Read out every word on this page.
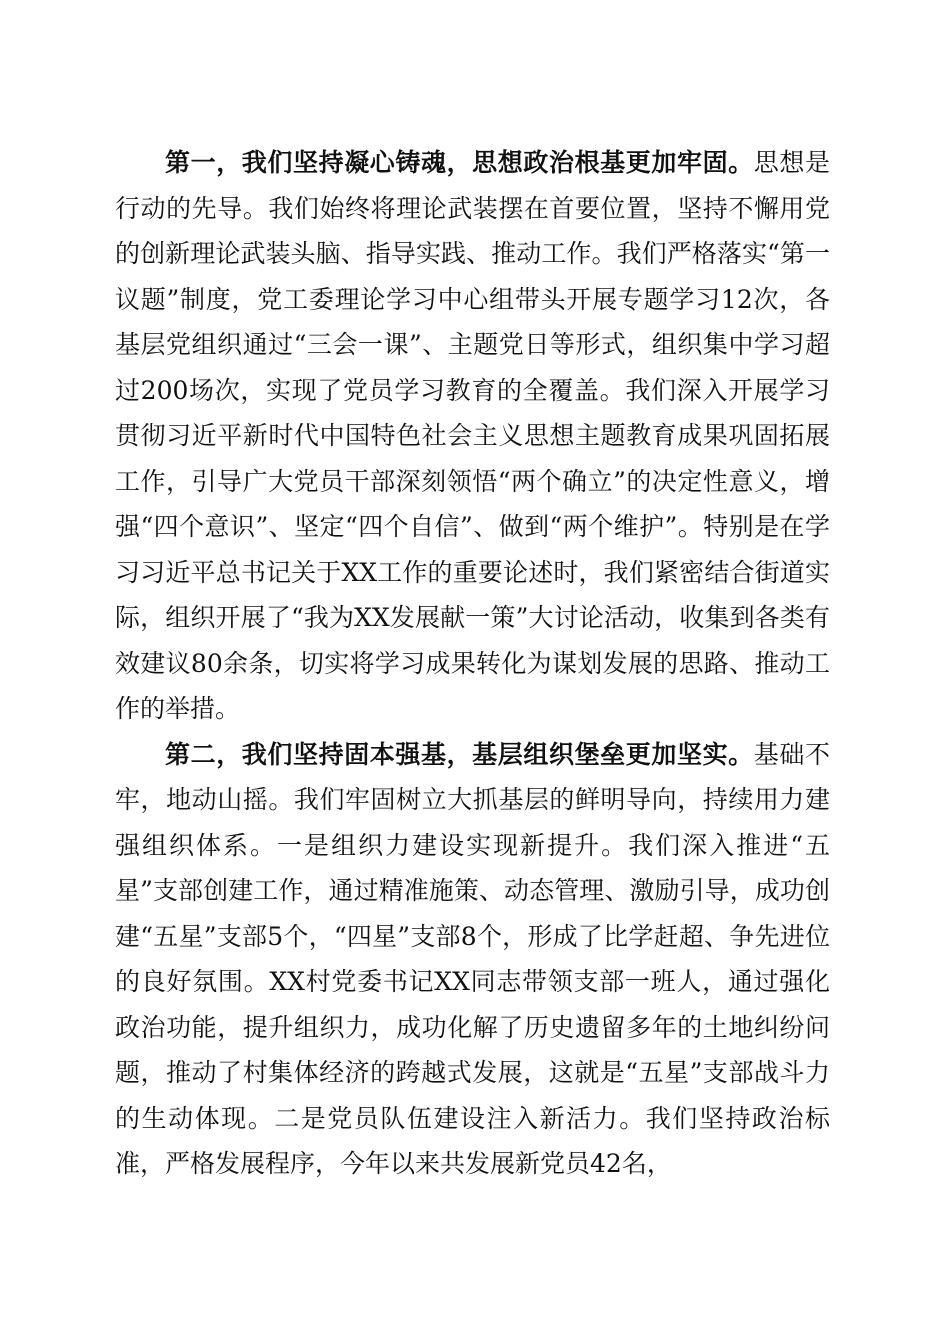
第一，我们坚持凝心铸魂，思想政治根基更加牢固。思想是行动的先导。我们始终将理论武装摆在首要位置，坚持不懈用党的创新理论武装头脑、指导实践、推动工作。我们严格落实“第一议题”制度，党工委理论学习中心组带头开展专题学习12次，各基层党组织通过“三会一课”、主题党日等形式，组织集中学习超过200场次，实现了党员学习教育的全覆盖。我们深入开展学习贯彻习近平新时代中国特色社会主义思想主题教育成果巩固拓展工作，引导广大党员干部深刻领悟“两个确立”的决定性意义，增强“四个意识”、坚定“四个自信”、做到“两个维护”。特别是在学习习近平总书记关于XX工作的重要论述时，我们紧密结合街道实际，组织开展了“我为XX发展献一策”大讨论活动，收集到各类有效建议80余条，切实将学习成果转化为谋划发展的思路、推动工作的举措。

第二，我们坚持固本强基，基层组织堡垒更加坚实。基础不牢，地动山摇。我们牢固树立大抓基层的鲜明导向，持续用力建强组织体系。一是组织力建设实现新提升。我们深入推进“五星”支部创建工作，通过精准施策、动态管理、激励引导，成功创建“五星”支部5个，“四星”支部8个，形成了比学赶超、争先进位的良好氛围。XX村党委书记XX同志带领支部一班人，通过强化政治功能，提升组织力，成功化解了历史遗留多年的土地纠纷问题，推动了村集体经济的跨越式发展，这就是“五星”支部战斗力的生动体现。二是党员队伍建设注入新活力。我们坚持政治标准，严格发展程序，今年以来共发展新党员42名，
